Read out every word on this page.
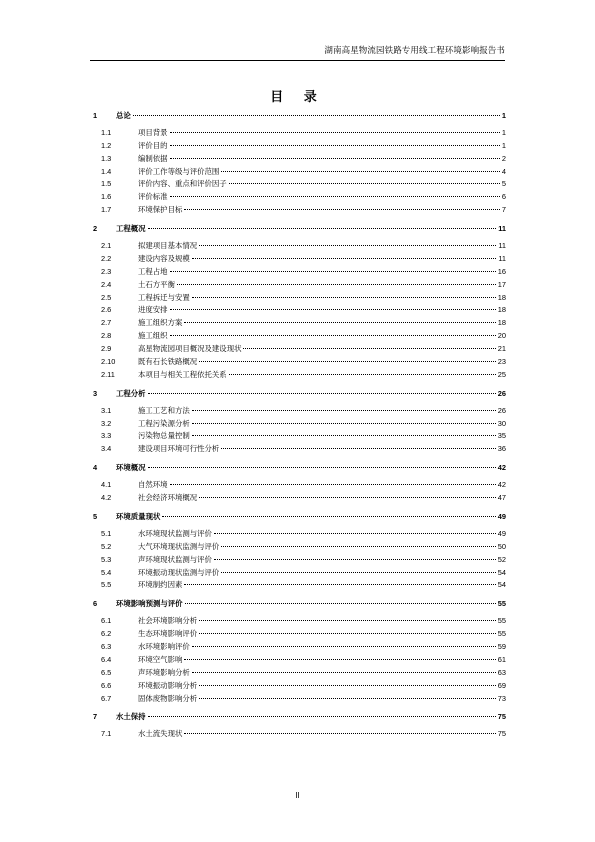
湖南高星物流园铁路专用线工程环境影响报告书
目 录
1	总论	1
1.1	项目背景	1
1.2	评价目的	1
1.3	编制依据	2
1.4	评价工作等级与评价范围	4
1.5	评价内容、重点和评价因子	5
1.6	评价标准	6
1.7	环境保护目标	7
2	工程概况	11
2.1	拟建项目基本情况	11
2.2	建设内容及规模	11
2.3	工程占地	16
2.4	土石方平衡	17
2.5	工程拆迁与安置	18
2.6	进度安排	18
2.7	施工组织方案	18
2.8	施工组织	20
2.9	高星物流园项目概况及建设现状	21
2.10	既有石长铁路概况	23
2.11	本项目与相关工程依托关系	25
3	工程分析	26
3.1	施工工艺和方法	26
3.2	工程污染源分析	30
3.3	污染物总量控制	35
3.4	建设项目环境可行性分析	36
4	环境概况	42
4.1	自然环境	42
4.2	社会经济环境概况	47
5	环境质量现状	49
5.1	水环境现状监测与评价	49
5.2	大气环境现状监测与评价	50
5.3	声环境现状监测与评价	52
5.4	环境振动现状监测与评价	54
5.5	环境制约因素	54
6	环境影响预测与评价	55
6.1	社会环境影响分析	55
6.2	生态环境影响评价	55
6.3	水环境影响评价	59
6.4	环境空气影响	61
6.5	声环境影响分析	63
6.6	环境振动影响分析	69
6.7	固体废物影响分析	73
7	水土保持	75
7.1	水土流失现状	75
II
